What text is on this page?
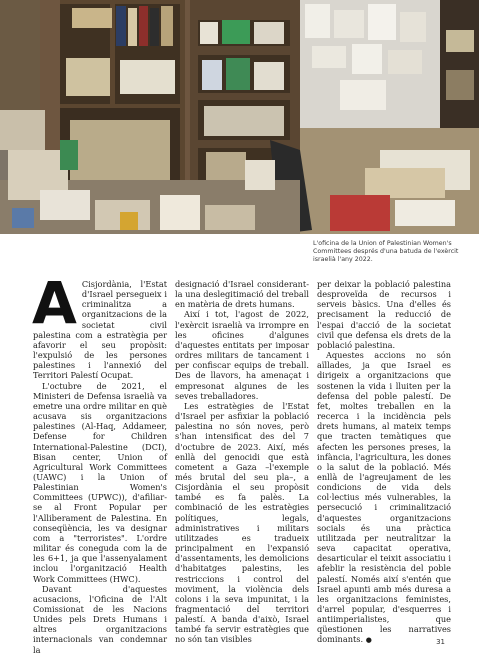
L'oficina de la Union of Palestinian Women's Committees després d'una batuda de l'exèrcit israelià l'any 2022.
A Cisjordània, l'Estat d'Israel persegueix i criminalitza a organitzacions de la societat civil palestina com a estratègia per afavorir el seu propòsit: l'expulsió de les persones palestines i l'annexió del Territori Palestí Ocupat.

L'octubre de 2021, el Ministeri de Defensa israelià va emetre una ordre militar en què acusava sis organitzacions palestines (Al-Haq, Addameer, Defense for Children International-Palestine (DCI), Bisan center, Union of Agricultural Work Committees (UAWC) i la Union of Palestinian Women's Committees (UPWC)), d'afiliar-se al Front Popular per l'Alliberament de Palestina. En conseqüència, les va designar com a "terroristes". L'ordre militar és coneguda com la de les 6+1, ja que l'assenyalament inclou l'organització Health Work Committees (HWC).

Davant d'aquestes acusacions, l'Oficina de l'Alt Comissionat de les Nacions Unides pels Drets Humans i altres organitzacions internacionals van condemnar la

designació d'Israel considerant-la una deslegitimació del treball en matèria de drets humans.

Així i tot, l'agost de 2022, l'exèrcit israelià va irrompre en les oficines d'algunes d'aquestes entitats per imposar ordres militars de tancament i per confiscar equips de treball. Des de llavors, ha amenaçat i empresonat algunes de les seves treballadores.

Les estratègies de l'Estat d'Israel per asfixiar la població palestina no són noves, però s'han intensificat des del 7 d'octubre de 2023. Així, més enllà del genocidi que està cometent a Gaza –l'exemple més brutal del seu pla–, a Cisjordània el seu propòsit també es fa palès. La combinació de les estratègies polítiques, legals, administratives i militars utilitzades es tradueix principalment en l'expansió d'assentaments, les demolicions d'habitatges palestins, les restriccions i control del moviment, la violència dels colons i la seva impunitat, i la fragmentació del territori palestí. A banda d'això, Israel també fa servir estratègies que no són tan visibles

per deixar la població palestina desproveïda de recursos i serveis bàsics. Una d'elles és precisament la reducció de l'espai d'acció de la societat civil que defensa els drets de la població palestina.

Aquestes accions no són aïllades, ja que Israel es dirigeix a organitzacions que sostenen la vida i lluiten per la defensa del poble palestí. De fet, moltes treballen en la recerca i la incidència pels drets humans, al mateix temps que tracten temàtiques que afecten les persones preses, la infància, l'agricultura, les dones o la salut de la població. Més enllà de l'agreujament de les condicions de vida dels col·lectius més vulnerables, la persecució i criminalització d'aquestes organitzacions socials és una pràctica utilitzada per neutralitzar la seva capacitat operativa, desarticular el teixit associatiu i afeblir la resistència del poble palestí. Només així s'entén que Israel apunti amb més duresa a les organitzacions feministes, d'arrel popular, d'esquerres i antiimperialistes, que qüestionen les narratives dominants. ●	31
